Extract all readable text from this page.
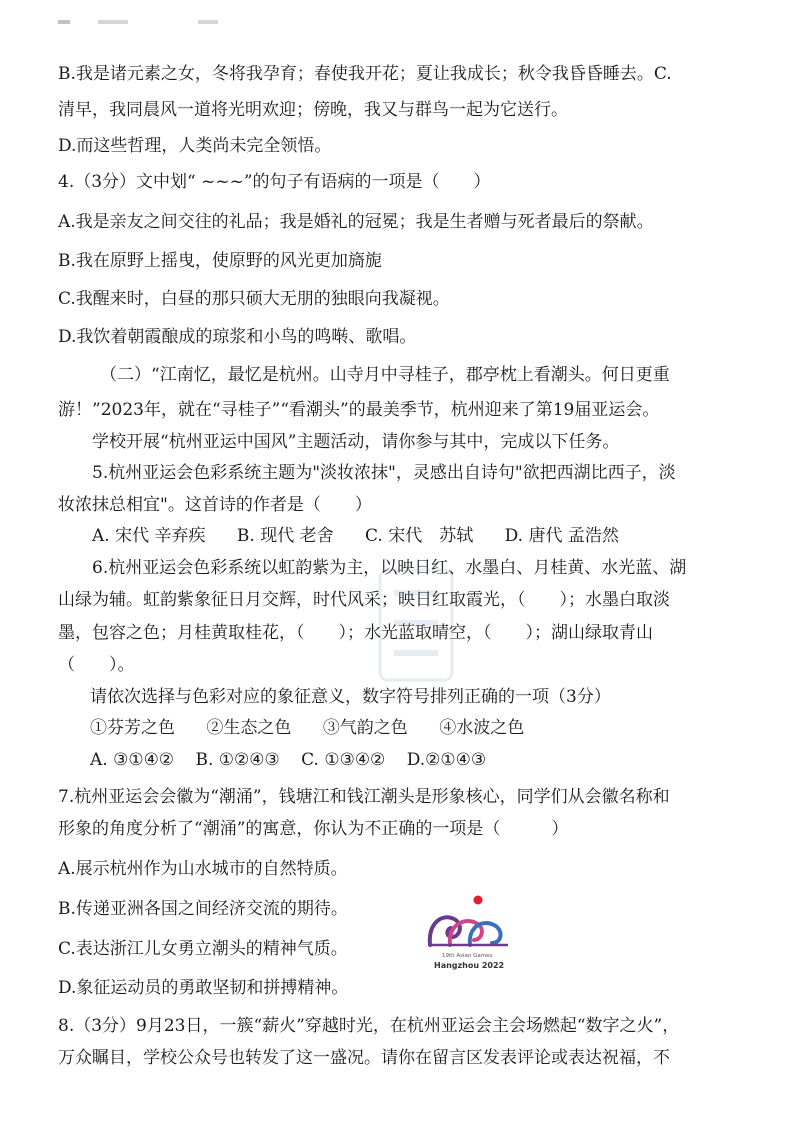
B.我是诸元素之女，冬将我孕育；春使我开花；夏让我成长；秋令我昏昏睡去。C.
清早，我同晨风一道将光明欢迎；傍晚，我又与群鸟一起为它送行。
D.而这些哲理，人类尚未完全领悟。
4.（3分）文中划“ ~~~”的句子有语病的一项是（　　）
A.我是亲友之间交往的礼品；我是婚礼的冠冕；我是生者赠与死者最后的祭献。
B.我在原野上摇曳，使原野的风光更加旖旎
C.我醒来时，白昼的那只硕大无朋的独眼向我凝视。
D.我饮着朝霞酿成的琼浆和小鸟的鸣啭、歌唱。
（二）“江南忆，最忆是杭州。山寺月中寻桂子，郡亭枕上看潮头。何日更重
游！”2023年，就在“寻桂子”“看潮头”的最美季节，杭州迎来了第19届亚运会。
学校开展“杭州亚运中国风”主题活动，请你参与其中，完成以下任务。
5.杭州亚运会色彩系统主题为"淡妆浓抹"，灵感出自诗句"欲把西湖比西子，淡
妆浓抹总相宜"。这首诗的作者是（　　）
A. 宋代 辛弃疾 B. 现代 老舍 C. 宋代　苏轼 D. 唐代 孟浩然
6.杭州亚运会色彩系统以虹韵紫为主，以映日红、水墨白、月桂黄、水光蓝、湖
山绿为辅。虹韵紫象征日月交辉，时代风采；映日红取霞光，（　　）；水墨白取淡
墨，包容之色；月桂黄取桂花，（　　）；水光蓝取晴空，（　　）；湖山绿取青山
（　　）。
请依次选择与色彩对应的象征意义，数字符号排列正确的一项（3分）
①芬芳之色 ②生态之色 ③气韵之色 ④水波之色
A. ③①④② B. ①②④③ C. ①③④② D.②①④③
7.杭州亚运会会徽为“潮涌”，钱塘江和钱江潮头是形象核心，同学们从会徽名称和
形象的角度分析了“潮涌”的寓意，你认为不正确的一项是（　　　）
A.展示杭州作为山水城市的自然特质。
B.传递亚洲各国之间经济交流的期待。
C.表达浙江儿女勇立潮头的精神气质。
D.象征运动员的勇敢坚韧和拼搏精神。
8.（3分）9月23日，一簇“薪火”穿越时光，在杭州亚运会主会场燃起“数字之火”，
万众瞩目，学校公众号也转发了这一盛况。请你在留言区发表评论或表达祝福，不
19th Asian Games
Hangzhou 2022
